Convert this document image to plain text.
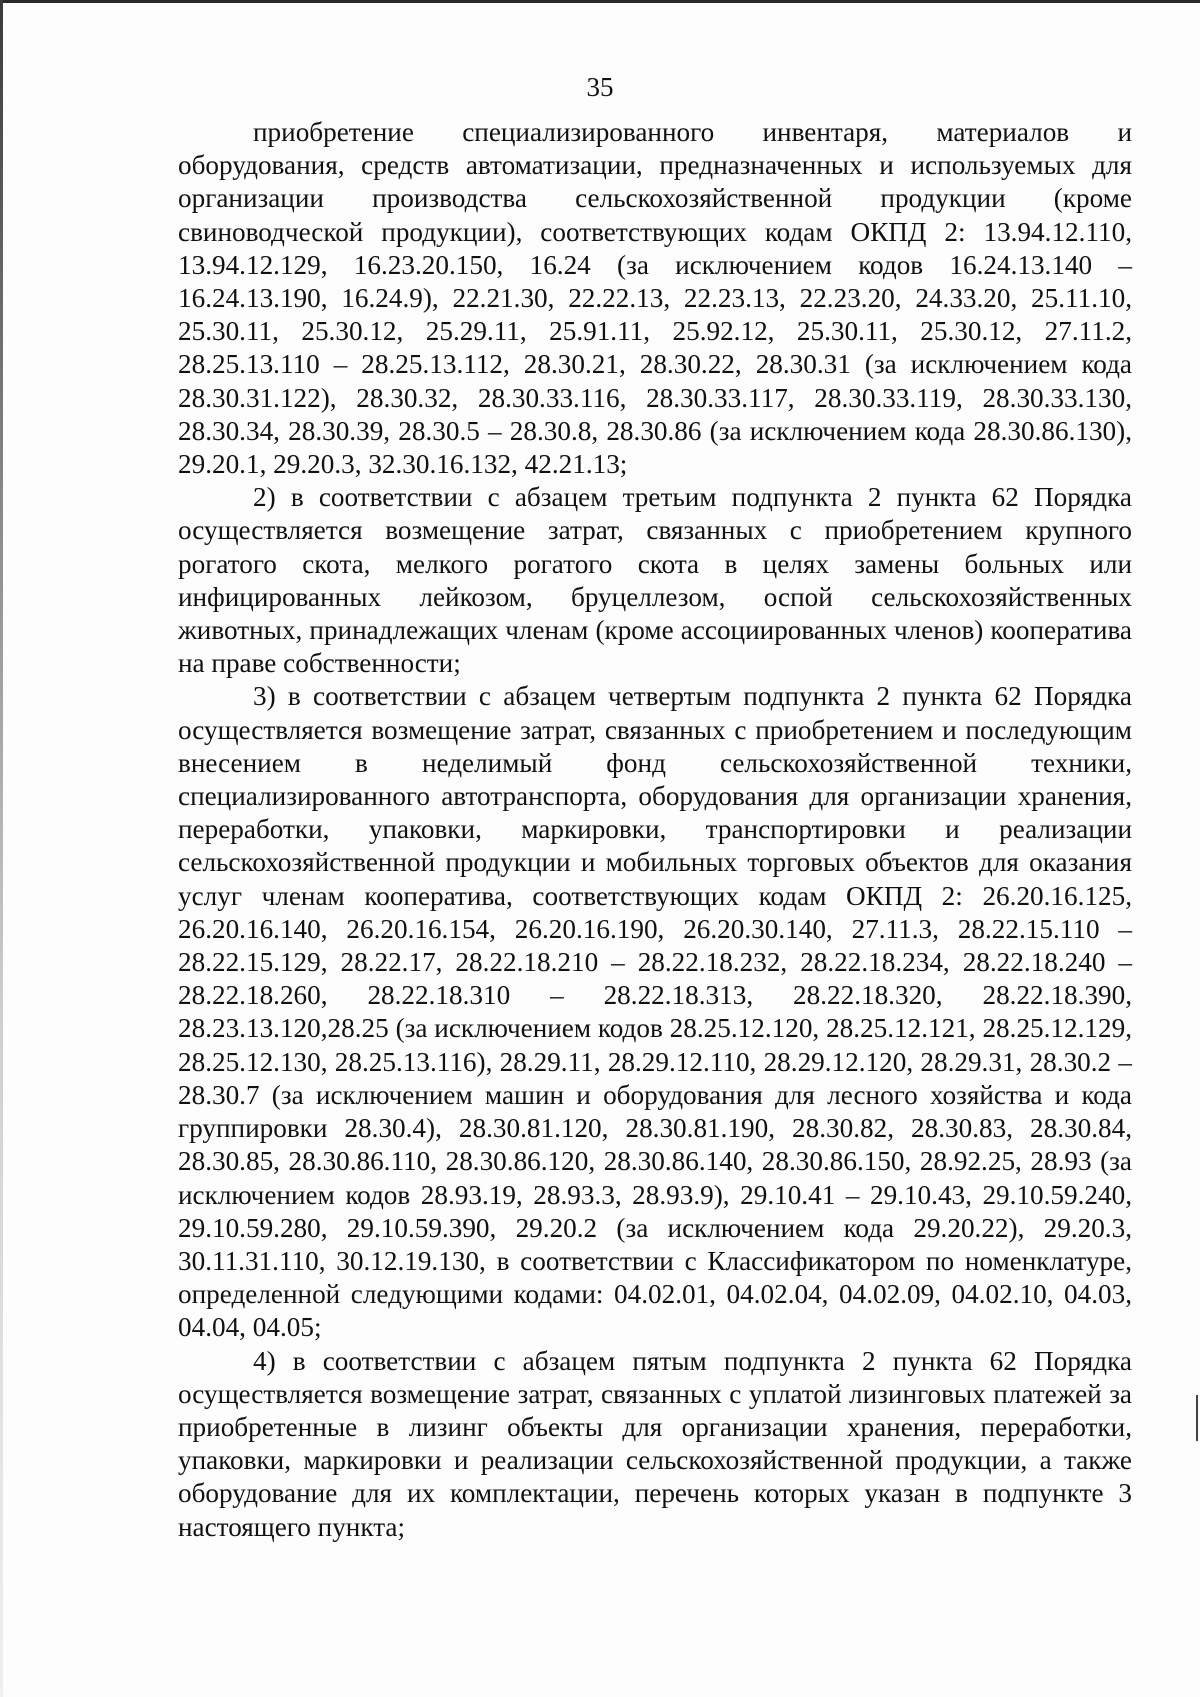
35

приобретение специализированного инвентаря, материалов и оборудования, средств автоматизации, предназначенных и используемых для организации производства сельскохозяйственной продукции (кроме свиноводческой продукции), соответствующих кодам ОКПД 2: 13.94.12.110, 13.94.12.129, 16.23.20.150, 16.24 (за исключением кодов 16.24.13.140 – 16.24.13.190, 16.24.9), 22.21.30, 22.22.13, 22.23.13, 22.23.20, 24.33.20, 25.11.10, 25.30.11, 25.30.12, 25.29.11, 25.91.11, 25.92.12, 25.30.11, 25.30.12, 27.11.2, 28.25.13.110 – 28.25.13.112, 28.30.21, 28.30.22, 28.30.31 (за исключением кода 28.30.31.122), 28.30.32, 28.30.33.116, 28.30.33.117, 28.30.33.119, 28.30.33.130, 28.30.34, 28.30.39, 28.30.5 – 28.30.8, 28.30.86 (за исключением кода 28.30.86.130), 29.20.1, 29.20.3, 32.30.16.132, 42.21.13;

2) в соответствии с абзацем третьим подпункта 2 пункта 62 Порядка осуществляется возмещение затрат, связанных с приобретением крупного рогатого скота, мелкого рогатого скота в целях замены больных или инфицированных лейкозом, бруцеллезом, оспой сельскохозяйственных животных, принадлежащих членам (кроме ассоциированных членов) кооператива на праве собственности;

3) в соответствии с абзацем четвертым подпункта 2 пункта 62 Порядка осуществляется возмещение затрат, связанных с приобретением и последующим внесением в неделимый фонд сельскохозяйственной техники, специализированного автотранспорта, оборудования для организации хранения, переработки, упаковки, маркировки, транспортировки и реализации сельскохозяйственной продукции и мобильных торговых объектов для оказания услуг членам кооператива, соответствующих кодам ОКПД 2: 26.20.16.125, 26.20.16.140, 26.20.16.154, 26.20.16.190, 26.20.30.140, 27.11.3, 28.22.15.110 – 28.22.15.129, 28.22.17, 28.22.18.210 – 28.22.18.232, 28.22.18.234, 28.22.18.240 – 28.22.18.260, 28.22.18.310 – 28.22.18.313, 28.22.18.320, 28.22.18.390, 28.23.13.120,28.25 (за исключением кодов 28.25.12.120, 28.25.12.121, 28.25.12.129, 28.25.12.130, 28.25.13.116), 28.29.11, 28.29.12.110, 28.29.12.120, 28.29.31, 28.30.2 – 28.30.7 (за исключением машин и оборудования для лесного хозяйства и кода группировки 28.30.4), 28.30.81.120, 28.30.81.190, 28.30.82, 28.30.83, 28.30.84, 28.30.85, 28.30.86.110, 28.30.86.120, 28.30.86.140, 28.30.86.150, 28.92.25, 28.93 (за исключением кодов 28.93.19, 28.93.3, 28.93.9), 29.10.41 – 29.10.43, 29.10.59.240, 29.10.59.280, 29.10.59.390, 29.20.2 (за исключением кода 29.20.22), 29.20.3, 30.11.31.110, 30.12.19.130, в соответствии с Классификатором по номенклатуре, определенной следующими кодами: 04.02.01, 04.02.04, 04.02.09, 04.02.10, 04.03, 04.04, 04.05;

4) в соответствии с абзацем пятым подпункта 2 пункта 62 Порядка осуществляется возмещение затрат, связанных с уплатой лизинговых платежей за приобретенные в лизинг объекты для организации хранения, переработки, упаковки, маркировки и реализации сельскохозяйственной продукции, а также оборудование для их комплектации, перечень которых указан в подпункте 3 настоящего пункта;
